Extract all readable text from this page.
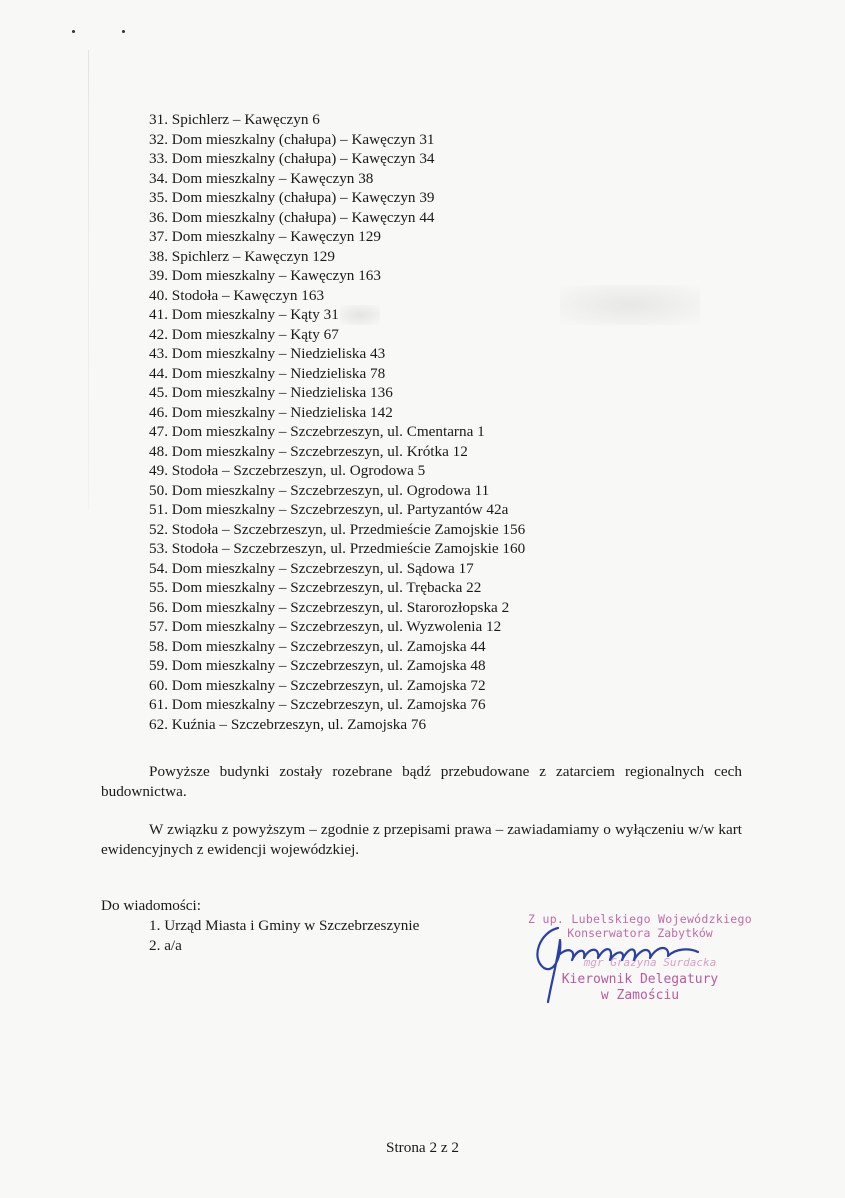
31. Spichlerz – Kawęczyn 6
32. Dom mieszkalny (chałupa) – Kawęczyn 31
33. Dom mieszkalny (chałupa) – Kawęczyn 34
34. Dom mieszkalny – Kawęczyn 38
35. Dom mieszkalny (chałupa) – Kawęczyn 39
36. Dom mieszkalny (chałupa) – Kawęczyn 44
37. Dom mieszkalny – Kawęczyn 129
38. Spichlerz – Kawęczyn 129
39. Dom mieszkalny – Kawęczyn 163
40. Stodoła – Kawęczyn 163
41. Dom mieszkalny – Kąty 31
42. Dom mieszkalny – Kąty 67
43. Dom mieszkalny – Niedzieliska 43
44. Dom mieszkalny – Niedzieliska 78
45. Dom mieszkalny – Niedzieliska 136
46. Dom mieszkalny – Niedzieliska 142
47. Dom mieszkalny – Szczebrzeszyn, ul. Cmentarna 1
48. Dom mieszkalny – Szczebrzeszyn, ul. Krótka 12
49. Stodoła – Szczebrzeszyn, ul. Ogrodowa 5
50. Dom mieszkalny – Szczebrzeszyn, ul. Ogrodowa 11
51. Dom mieszkalny – Szczebrzeszyn, ul. Partyzantów 42a
52. Stodoła – Szczebrzeszyn, ul. Przedmieście Zamojskie 156
53. Stodoła – Szczebrzeszyn, ul. Przedmieście Zamojskie 160
54. Dom mieszkalny – Szczebrzeszyn, ul. Sądowa 17
55. Dom mieszkalny – Szczebrzeszyn, ul. Trębacka 22
56. Dom mieszkalny – Szczebrzeszyn, ul. Starorozłopska 2
57. Dom mieszkalny – Szczebrzeszyn, ul. Wyzwolenia 12
58. Dom mieszkalny – Szczebrzeszyn, ul. Zamojska 44
59. Dom mieszkalny – Szczebrzeszyn, ul. Zamojska 48
60. Dom mieszkalny – Szczebrzeszyn, ul. Zamojska 72
61. Dom mieszkalny – Szczebrzeszyn, ul. Zamojska 76
62. Kuźnia – Szczebrzeszyn, ul. Zamojska 76

Powyższe budynki zostały rozebrane bądź przebudowane z zatarciem regionalnych cech budownictwa.

W związku z powyższym – zgodnie z przepisami prawa – zawiadamiamy o wyłączeniu w/w kart ewidencyjnych z ewidencji wojewódzkiej.

Do wiadomości:
1. Urząd Miasta i Gminy w Szczebrzeszynie
2. a/a
Z up. Lubelskiego Wojewódzkiego
Konserwatora Zabytków
mgr Grażyna Surdacka
Kierownik Delegatury
w Zamościu
Strona 2 z 2
